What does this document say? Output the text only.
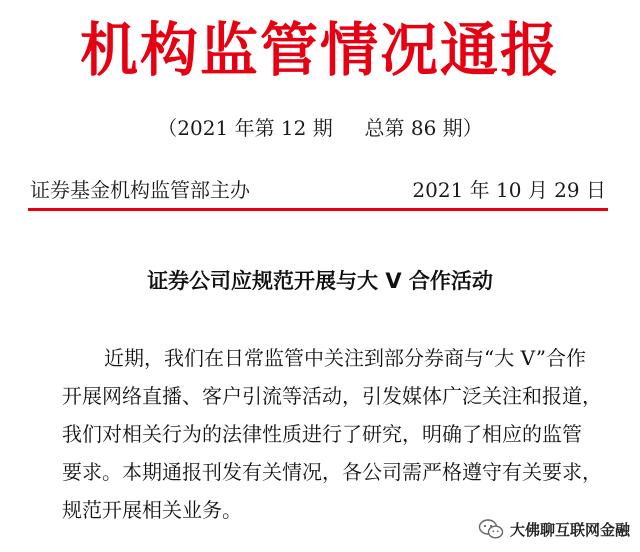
机构监管情况通报
（2021 年第 12 期     总第 86 期）
证券基金机构监管部主办	2021 年 10 月 29 日
证券公司应规范开展与大 V 合作活动
近期，我们在日常监管中关注到部分券商与“大 V”合作
开展网络直播、客户引流等活动，引发媒体广泛关注和报道，
我们对相关行为的法律性质进行了研究，明确了相应的监管
要求。本期通报刊发有关情况，各公司需严格遵守有关要求，
规范开展相关业务。
大佛聊互联网金融
